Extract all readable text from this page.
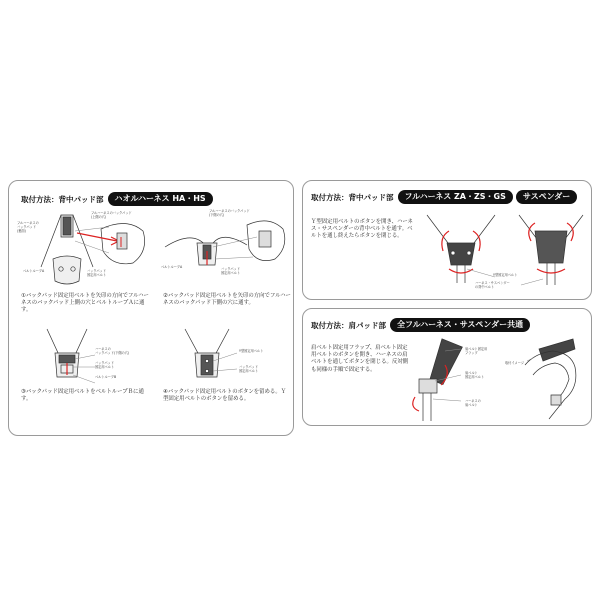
取付方法：背中パッド部	ハオルハーネス HA・HS
フルハーネスの
バックパッド
(裏面)
フルハーネスのバックパッド
(上側の穴)
ベルトループA	バックパッド
固定用ベルト
①バックパッド固定用ベルトを矢印の方向でフルハーネスのバックパッド上側の穴とベルトループＡに通す。
フルハーネスのバックパッド
(下側の穴)
ベルトループA	バックパッド
固定用ベルト
②バックパッド固定用ベルトを矢印の方向でフルハーネスのバックパッド下側の穴に通す。
ハーネスの
バックパッド(下側の穴)
バックパッド
固定用ベルト
ベルトループB
③バックパッド固定用ベルトをベルトループＢに通す。
Y型固定用ベルト
バックパッド
固定用ベルト
④バックパッド固定用ベルトのボタンを留める。Ｙ型固定用ベルトのボタンを留める。
取付方法：背中パッド部	フルハーネス ZA・ZS・GS	サスペンダー
Ｙ型固定用ベルトのボタンを開き、ハーネス・サスペンダーの背中ベルトを通す。ベルトを通し終えたらボタンを閉じる。
Y型固定用ベルト
ハーネス・サスペンダー
の背中ベルト
取付方法：肩パッド部	全フルハーネス・サスペンダー共通
肩ベルト固定用フラップ、肩ベルト固定用ベルトのボタンを開き、ハーネスの肩ベルトを通してボタンを閉じる。反対側も同様の手順で固定する。
肩ベルト固定用
フラップ
肩ベルト
固定用ベルト
ハーネスの
肩ベルト
取付イメージ
